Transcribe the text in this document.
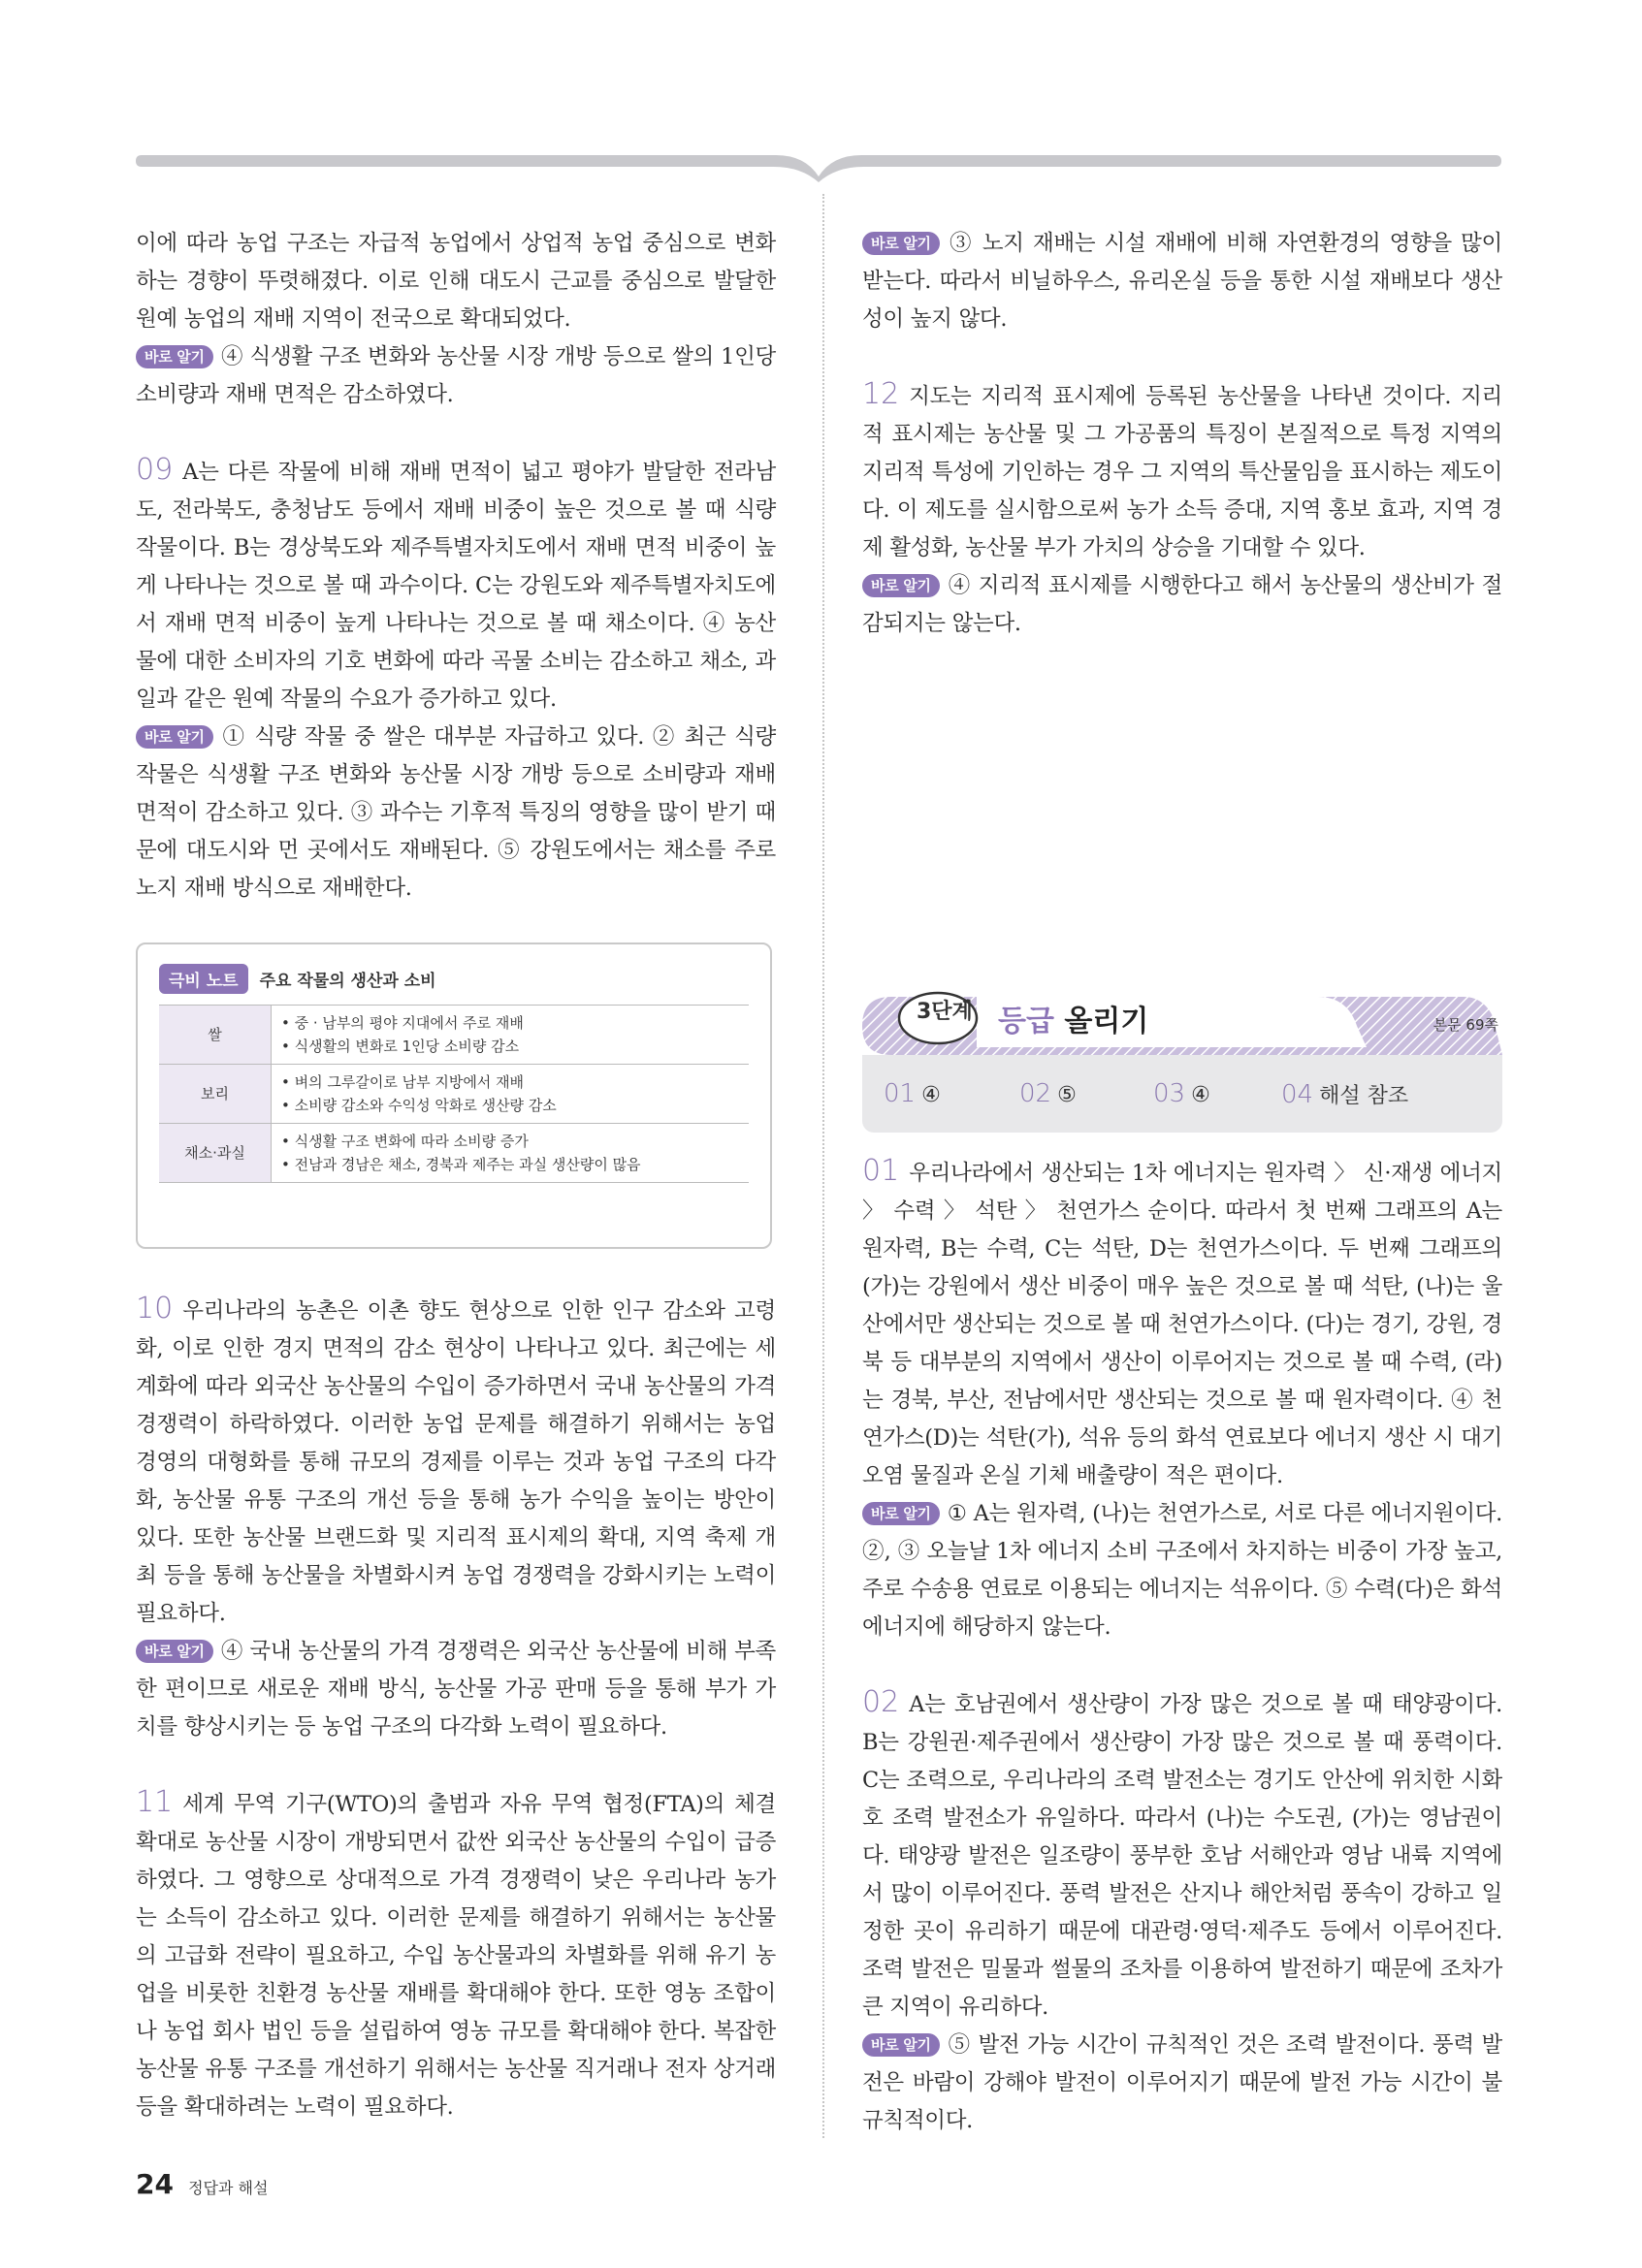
이에 따라 농업 구조는 자급적 농업에서 상업적 농업 중심으로 변화하는 경향이 뚜렷해졌다. 이로 인해 대도시 근교를 중심으로 발달한 원예 농업의 재배 지역이 전국으로 확대되었다.

바로 알기 ④ 식생활 구조 변화와 농산물 시장 개방 등으로 쌀의 1인당 소비량과 재배 면적은 감소하였다.

09 A는 다른 작물에 비해 재배 면적이 넓고 평야가 발달한 전라남도, 전라북도, 충청남도 등에서 재배 비중이 높은 것으로 볼 때 식량 작물이다. B는 경상북도와 제주특별자치도에서 재배 면적 비중이 높게 나타나는 것으로 볼 때 과수이다. C는 강원도와 제주특별자치도에서 재배 면적 비중이 높게 나타나는 것으로 볼 때 채소이다. ④ 농산물에 대한 소비자의 기호 변화에 따라 곡물 소비는 감소하고 채소, 과일과 같은 원예 작물의 수요가 증가하고 있다.

바로 알기 ① 식량 작물 중 쌀은 대부분 자급하고 있다. ② 최근 식량 작물은 식생활 구조 변화와 농산물 시장 개방 등으로 소비량과 재배 면적이 감소하고 있다. ③ 과수는 기후적 특징의 영향을 많이 받기 때문에 대도시와 먼 곳에서도 재배된다. ⑤ 강원도에서는 채소를 주로 노지 재배 방식으로 재배한다.

극비 노트	주요 작물의 생산과 소비
쌀	• 중 · 남부의 평야 지대에서 주로 재배
• 식생활의 변화로 1인당 소비량 감소

보리	• 벼의 그루갈이로 남부 지방에서 재배
• 소비량 감소와 수익성 악화로 생산량 감소

채소·과실	• 식생활 구조 변화에 따라 소비량 증가
• 전남과 경남은 채소, 경북과 제주는 과실 생산량이 많음

10 우리나라의 농촌은 이촌 향도 현상으로 인한 인구 감소와 고령화, 이로 인한 경지 면적의 감소 현상이 나타나고 있다. 최근에는 세계화에 따라 외국산 농산물의 수입이 증가하면서 국내 농산물의 가격 경쟁력이 하락하였다. 이러한 농업 문제를 해결하기 위해서는 농업 경영의 대형화를 통해 규모의 경제를 이루는 것과 농업 구조의 다각화, 농산물 유통 구조의 개선 등을 통해 농가 수익을 높이는 방안이 있다. 또한 농산물 브랜드화 및 지리적 표시제의 확대, 지역 축제 개최 등을 통해 농산물을 차별화시켜 농업 경쟁력을 강화시키는 노력이 필요하다.

바로 알기 ④ 국내 농산물의 가격 경쟁력은 외국산 농산물에 비해 부족한 편이므로 새로운 재배 방식, 농산물 가공 판매 등을 통해 부가 가치를 향상시키는 등 농업 구조의 다각화 노력이 필요하다.

11 세계 무역 기구(WTO)의 출범과 자유 무역 협정(FTA)의 체결 확대로 농산물 시장이 개방되면서 값싼 외국산 농산물의 수입이 급증하였다. 그 영향으로 상대적으로 가격 경쟁력이 낮은 우리나라 농가는 소득이 감소하고 있다. 이러한 문제를 해결하기 위해서는 농산물의 고급화 전략이 필요하고, 수입 농산물과의 차별화를 위해 유기 농업을 비롯한 친환경 농산물 재배를 확대해야 한다. 또한 영농 조합이나 농업 회사 법인 등을 설립하여 영농 규모를 확대해야 한다. 복잡한 농산물 유통 구조를 개선하기 위해서는 농산물 직거래나 전자 상거래 등을 확대하려는 노력이 필요하다.

바로 알기 ③ 노지 재배는 시설 재배에 비해 자연환경의 영향을 많이 받는다. 따라서 비닐하우스, 유리온실 등을 통한 시설 재배보다 생산성이 높지 않다.

12 지도는 지리적 표시제에 등록된 농산물을 나타낸 것이다. 지리적 표시제는 농산물 및 그 가공품의 특징이 본질적으로 특정 지역의 지리적 특성에 기인하는 경우 그 지역의 특산물임을 표시하는 제도이다. 이 제도를 실시함으로써 농가 소득 증대, 지역 홍보 효과, 지역 경제 활성화, 농산물 부가 가치의 상승을 기대할 수 있다.

바로 알기 ④ 지리적 표시제를 시행한다고 해서 농산물의 생산비가 절감되지는 않는다.

3단계 등급 올리기	본문 69쪽
01 ④	02 ⑤	03 ④	04 해설 참조

01 우리나라에서 생산되는 1차 에너지는 원자력 〉 신·재생 에너지 〉 수력 〉 석탄 〉 천연가스 순이다. 따라서 첫 번째 그래프의 A는 원자력, B는 수력, C는 석탄, D는 천연가스이다. 두 번째 그래프의 (가)는 강원에서 생산 비중이 매우 높은 것으로 볼 때 석탄, (나)는 울산에서만 생산되는 것으로 볼 때 천연가스이다. (다)는 경기, 강원, 경북 등 대부분의 지역에서 생산이 이루어지는 것으로 볼 때 수력, (라)는 경북, 부산, 전남에서만 생산되는 것으로 볼 때 원자력이다. ④ 천연가스(D)는 석탄(가), 석유 등의 화석 연료보다 에너지 생산 시 대기 오염 물질과 온실 기체 배출량이 적은 편이다.

바로 알기 ① A는 원자력, (나)는 천연가스로, 서로 다른 에너지원이다. ②, ③ 오늘날 1차 에너지 소비 구조에서 차지하는 비중이 가장 높고, 주로 수송용 연료로 이용되는 에너지는 석유이다. ⑤ 수력(다)은 화석 에너지에 해당하지 않는다.

02 A는 호남권에서 생산량이 가장 많은 것으로 볼 때 태양광이다. B는 강원권·제주권에서 생산량이 가장 많은 것으로 볼 때 풍력이다. C는 조력으로, 우리나라의 조력 발전소는 경기도 안산에 위치한 시화호 조력 발전소가 유일하다. 따라서 (나)는 수도권, (가)는 영남권이다. 태양광 발전은 일조량이 풍부한 호남 서해안과 영남 내륙 지역에서 많이 이루어진다. 풍력 발전은 산지나 해안처럼 풍속이 강하고 일정한 곳이 유리하기 때문에 대관령·영덕·제주도 등에서 이루어진다. 조력 발전은 밀물과 썰물의 조차를 이용하여 발전하기 때문에 조차가 큰 지역이 유리하다.

바로 알기 ⑤ 발전 가능 시간이 규칙적인 것은 조력 발전이다. 풍력 발전은 바람이 강해야 발전이 이루어지기 때문에 발전 가능 시간이 불규칙적이다.

24 정답과 해설
